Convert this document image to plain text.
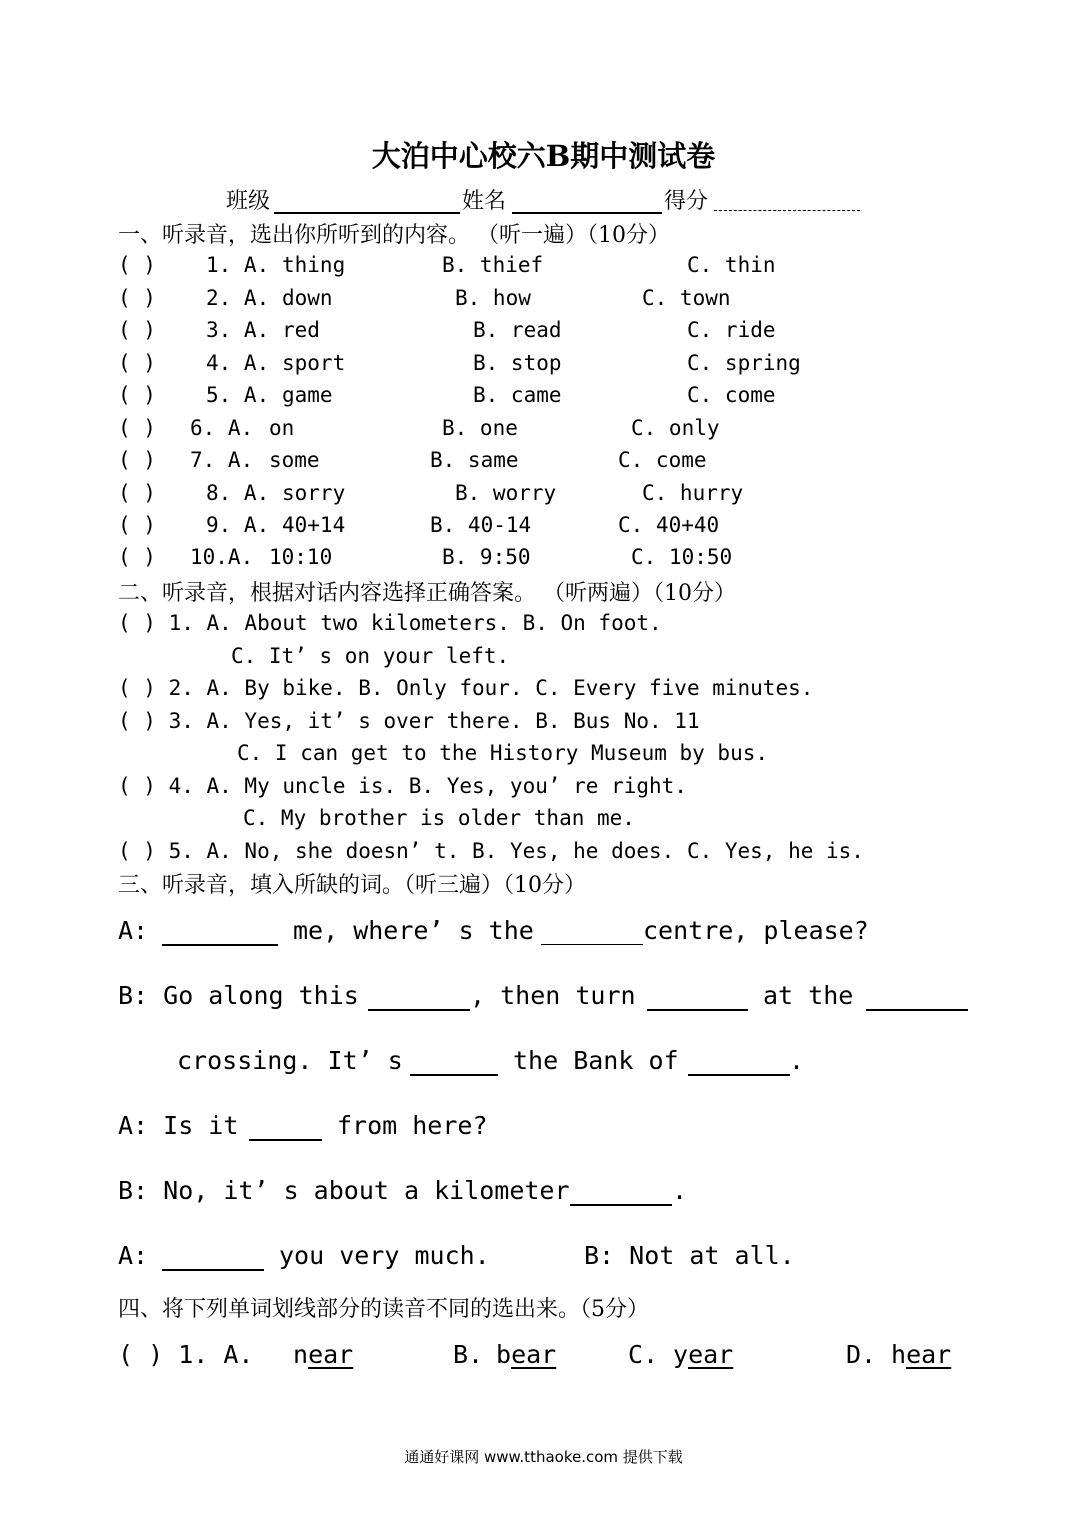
大泊中心校六B期中测试卷
班级	姓名	得分
一、听录音，选出你所听到的内容。 （听一遍）（10分）
( ) 1. A. thing	B. thief	C. thin
( ) 2. A. down	B. how	C. town
( ) 3. A. red	B. read	C. ride
( ) 4. A. sport	B. stop	C. spring
( ) 5. A. game	B. came	C. come
( ) 6. A. on	B. one	C. only
( ) 7. A. some	B. same	C. come
( ) 8. A. sorry	B. worry	C. hurry
( ) 9. A. 40+14	B. 40-14	C. 40+40
( ) 10.A. 10:10	B. 9:50	C. 10:50
二、听录音，根据对话内容选择正确答案。 （听两遍）（10分）
( ) 1. A. About two kilometers. B. On foot.
C. It’ s on your left.
( ) 2. A. By bike. B. Only four. C. Every five minutes.
( ) 3. A. Yes, it’ s over there. B. Bus No. 11
C. I can get to the History Museum by bus.
( ) 4. A. My uncle is. B. Yes, you’ re right.
C. My brother is older than me.
( ) 5. A. No, she doesn’ t. B. Yes, he does. C. Yes, he is.
三、听录音，填入所缺的词。（听三遍）（10分）
A:	me, where’ s the	centre, please?
B: Go along this	, then turn	at the
crossing. It’ s	the Bank of	.
A: Is it	from here?
B: No, it’ s about a kilometer	.
A:	you very much.	B: Not at all.
四、将下列单词划线部分的读音不同的选出来。（5分）
( ) 1. A. near	B. bear	C. year	D. hear
通通好课网 www.tthaoke.com 提供下载
